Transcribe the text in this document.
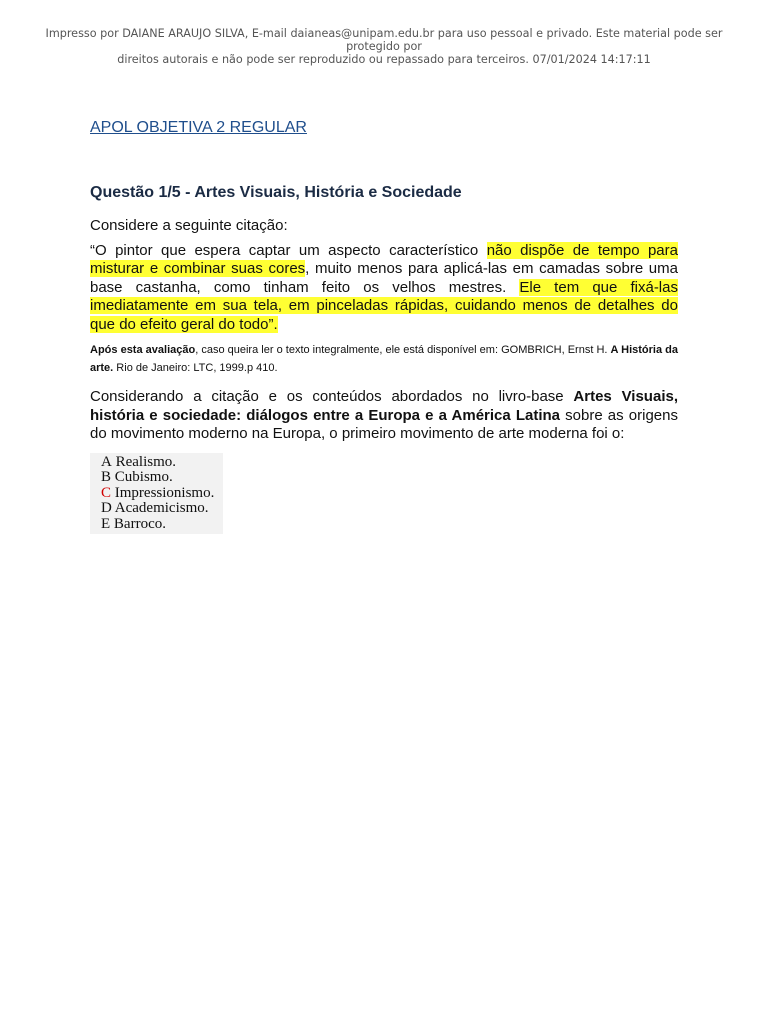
Impresso por DAIANE ARAUJO SILVA, E-mail daianeas@unipam.edu.br para uso pessoal e privado. Este material pode ser protegido por
direitos autorais e não pode ser reproduzido ou repassado para terceiros. 07/01/2024 14:17:11
APOL OBJETIVA 2 REGULAR
Questão 1/5 - Artes Visuais, História e Sociedade

Considere a seguinte citação:

“O pintor que espera captar um aspecto característico não dispõe de tempo para misturar e combinar suas cores, muito menos para aplicá-las em camadas sobre uma base castanha, como tinham feito os velhos mestres. Ele tem que fixá-las imediatamente em sua tela, em pinceladas rápidas, cuidando menos de detalhes do que do efeito geral do todo”.

Após esta avaliação, caso queira ler o texto integralmente, ele está disponível em: GOMBRICH, Ernst H. A História da arte. Rio de Janeiro: LTC, 1999.p 410.

Considerando a citação e os conteúdos abordados no livro-base Artes Visuais, história e sociedade: diálogos entre a Europa e a América Latina sobre as origens do movimento moderno na Europa, o primeiro movimento de arte moderna foi o:

A Realismo.
B Cubismo.
C Impressionismo.
D Academicismo.
E Barroco.
